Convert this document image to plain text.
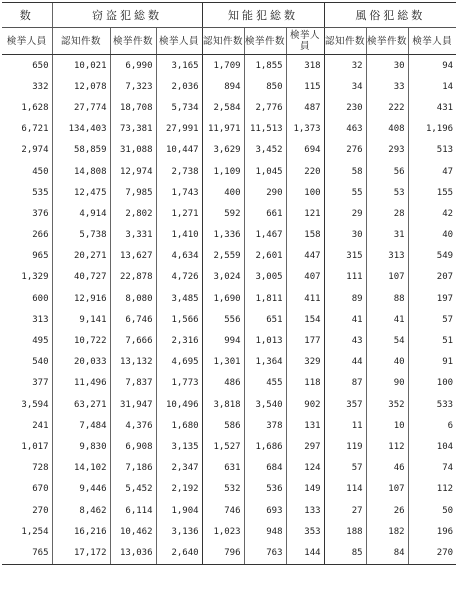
数	窃盗犯総数			知能犯総数			風俗犯総数		
検挙人員	認知件数	検挙件数	検挙人員	認知件数	検挙件数	検挙人員	認知件数	検挙件数	検挙人員
650	10,021	6,990	3,165	1,709	1,855	318	32	30	94
332	12,078	7,323	2,036	894	850	115	34	33	14
1,628	27,774	18,708	5,734	2,584	2,776	487	230	222	431
6,721	134,403	73,381	27,991	11,971	11,513	1,373	463	408	1,196
2,974	58,859	31,088	10,447	3,629	3,452	694	276	293	513
450	14,808	12,974	2,738	1,109	1,045	220	58	56	47
535	12,475	7,985	1,743	400	290	100	55	53	155
376	4,914	2,802	1,271	592	661	121	29	28	42
266	5,738	3,331	1,410	1,336	1,467	158	30	31	40
965	20,271	13,627	4,634	2,559	2,601	447	315	313	549
1,329	40,727	22,878	4,726	3,024	3,005	407	111	107	207
600	12,916	8,080	3,485	1,690	1,811	411	89	88	197
313	9,141	6,746	1,566	556	651	154	41	41	57
495	10,722	7,666	2,316	994	1,013	177	43	54	51
540	20,033	13,132	4,695	1,301	1,364	329	44	40	91
377	11,496	7,837	1,773	486	455	118	87	90	100
3,594	63,271	31,947	10,496	3,818	3,540	902	357	352	533
241	7,484	4,376	1,680	586	378	131	11	10	6
1,017	9,830	6,908	3,135	1,527	1,686	297	119	112	104
728	14,102	7,186	2,347	631	684	124	57	46	74
670	9,446	5,452	2,192	532	536	149	114	107	112
270	8,462	6,114	1,904	746	693	133	27	26	50
1,254	16,216	10,462	3,136	1,023	948	353	188	182	196
765	17,172	13,036	2,640	796	763	144	85	84	270
